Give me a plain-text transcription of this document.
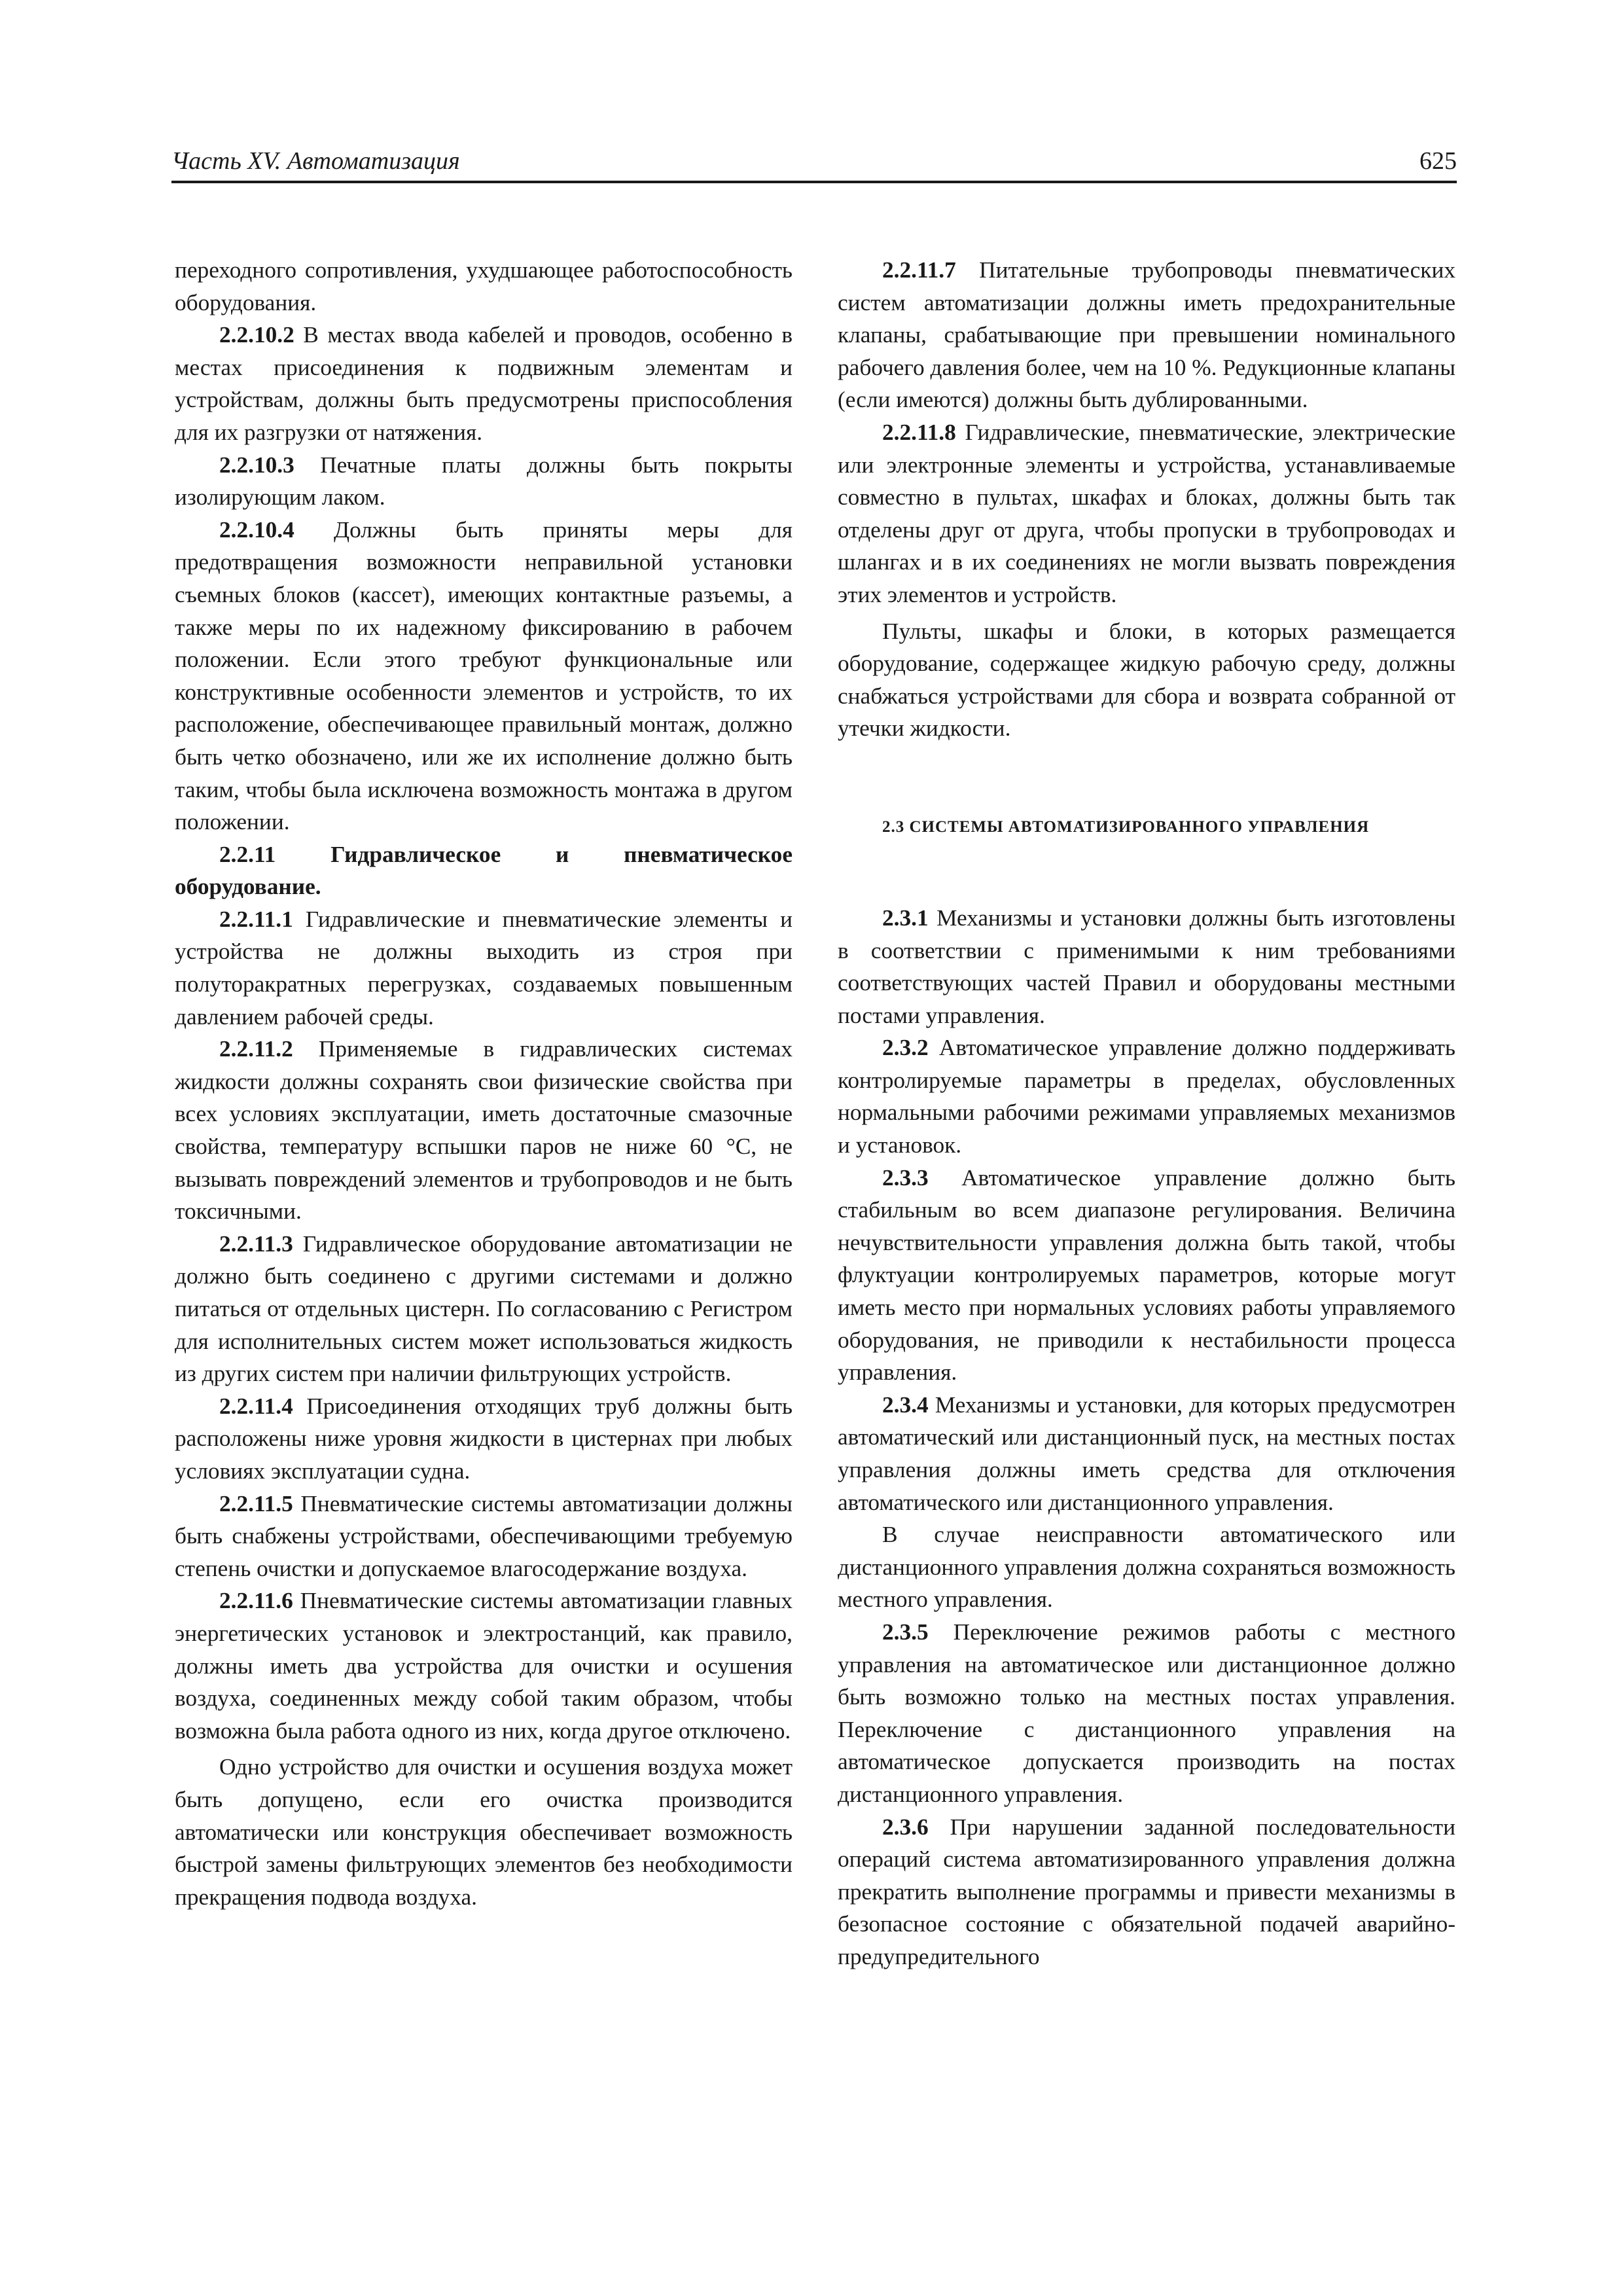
Часть XV. Автоматизация	625

переходного сопротивления, ухудшающее работоспособность оборудования.

2.2.10.2 В местах ввода кабелей и проводов, особенно в местах присоединения к подвижным элементам и устройствам, должны быть предусмотрены приспособления для их разгрузки от натяжения.

2.2.10.3 Печатные платы должны быть покрыты изолирующим лаком.

2.2.10.4 Должны быть приняты меры для предотвращения возможности неправильной установки съемных блоков (кассет), имеющих контактные разъемы, а также меры по их надежному фиксированию в рабочем положении. Если этого требуют функциональные или конструктивные особенности элементов и устройств, то их расположение, обеспечивающее правильный монтаж, должно быть четко обозначено, или же их исполнение должно быть таким, чтобы была исключена возможность монтажа в другом положении.

2.2.11 Гидравлическое и пневматическое оборудование.

2.2.11.1 Гидравлические и пневматические элементы и устройства не должны выходить из строя при полуторакратных перегрузках, создаваемых повышенным давлением рабочей среды.

2.2.11.2 Применяемые в гидравлических системах жидкости должны сохранять свои физические свойства при всех условиях эксплуатации, иметь достаточные смазочные свойства, температуру вспышки паров не ниже 60 °C, не вызывать повреждений элементов и трубопроводов и не быть токсичными.

2.2.11.3 Гидравлическое оборудование автоматизации не должно быть соединено с другими системами и должно питаться от отдельных цистерн. По согласованию с Регистром для исполнительных систем может использоваться жидкость из других систем при наличии фильтрующих устройств.

2.2.11.4 Присоединения отходящих труб должны быть расположены ниже уровня жидкости в цистернах при любых условиях эксплуатации судна.

2.2.11.5 Пневматические системы автоматизации должны быть снабжены устройствами, обеспечивающими требуемую степень очистки и допускаемое влагосодержание воздуха.

2.2.11.6 Пневматические системы автоматизации главных энергетических установок и электростанций, как правило, должны иметь два устройства для очистки и осушения воздуха, соединенных между собой таким образом, чтобы возможна была работа одного из них, когда другое отключено.

Одно устройство для очистки и осушения воздуха может быть допущено, если его очистка производится автоматически или конструкция обеспечивает возможность быстрой замены фильтрующих элементов без необходимости прекращения подвода воздуха.

2.2.11.7 Питательные трубопроводы пневматических систем автоматизации должны иметь предохранительные клапаны, срабатывающие при превышении номинального рабочего давления более, чем на 10 %. Редукционные клапаны (если имеются) должны быть дублированными.

2.2.11.8 Гидравлические, пневматические, электрические или электронные элементы и устройства, устанавливаемые совместно в пультах, шкафах и блоках, должны быть так отделены друг от друга, чтобы пропуски в трубопроводах и шлангах и в их соединениях не могли вызвать повреждения этих элементов и устройств.

Пульты, шкафы и блоки, в которых размещается оборудование, содержащее жидкую рабочую среду, должны снабжаться устройствами для сбора и возврата собранной от утечки жидкости.

2.3 СИСТЕМЫ АВТОМАТИЗИРОВАННОГО УПРАВЛЕНИЯ

2.3.1 Механизмы и установки должны быть изготовлены в соответствии с применимыми к ним требованиями соответствующих частей Правил и оборудованы местными постами управления.

2.3.2 Автоматическое управление должно поддерживать контролируемые параметры в пределах, обусловленных нормальными рабочими режимами управляемых механизмов и установок.

2.3.3 Автоматическое управление должно быть стабильным во всем диапазоне регулирования. Величина нечувствительности управления должна быть такой, чтобы флуктуации контролируемых параметров, которые могут иметь место при нормальных условиях работы управляемого оборудования, не приводили к нестабильности процесса управления.

2.3.4 Механизмы и установки, для которых предусмотрен автоматический или дистанционный пуск, на местных постах управления должны иметь средства для отключения автоматического или дистанционного управления.

В случае неисправности автоматического или дистанционного управления должна сохраняться возможность местного управления.

2.3.5 Переключение режимов работы с местного управления на автоматическое или дистанционное должно быть возможно только на местных постах управления. Переключение с дистанционного управления на автоматическое допускается производить на постах дистанционного управления.

2.3.6 При нарушении заданной последовательности операций система автоматизированного управления должна прекратить выполнение программы и привести механизмы в безопасное состояние с обязательной подачей аварийно-предупредительного
